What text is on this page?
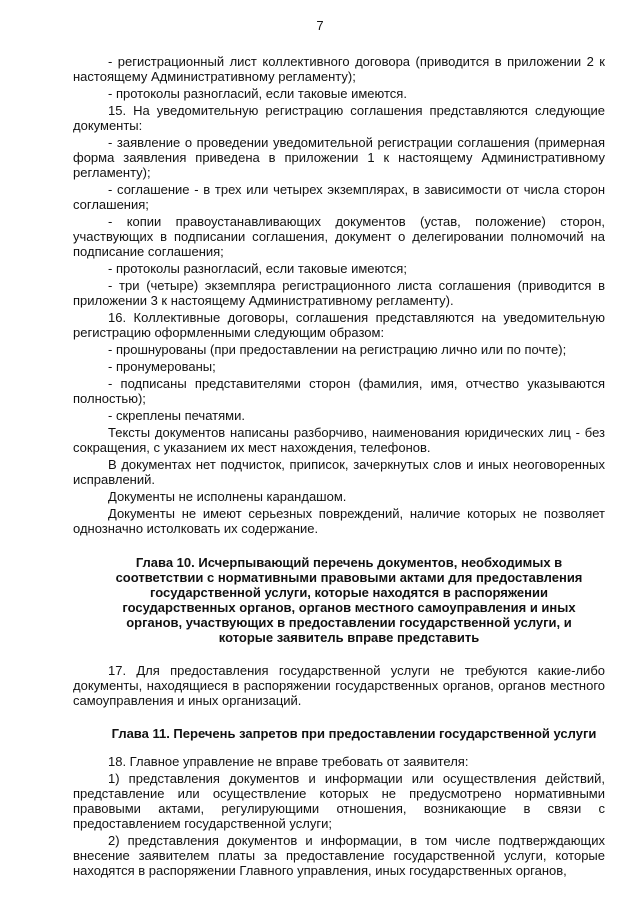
7

- регистрационный лист коллективного договора (приводится в приложении 2 к настоящему Административному регламенту);

- протоколы разногласий, если таковые имеются.

15. На уведомительную регистрацию соглашения представляются следующие документы:

- заявление о проведении уведомительной регистрации соглашения (примерная форма заявления приведена в приложении 1 к настоящему Административному регламенту);

- соглашение - в трех или четырех экземплярах, в зависимости от числа сторон соглашения;

- копии правоустанавливающих документов (устав, положение) сторон, участвующих в подписании соглашения, документ о делегировании полномочий на подписание соглашения;

- протоколы разногласий, если таковые имеются;

- три (четыре) экземпляра регистрационного листа соглашения (приводится в приложении 3 к настоящему Административному регламенту).

16. Коллективные договоры, соглашения представляются на уведомительную регистрацию оформленными следующим образом:

- прошнурованы (при предоставлении на регистрацию лично или по почте);

- пронумерованы;

- подписаны представителями сторон (фамилия, имя, отчество указываются полностью);

- скреплены печатями.

Тексты документов написаны разборчиво, наименования юридических лиц - без сокращения, с указанием их мест нахождения, телефонов.

В документах нет подчисток, приписок, зачеркнутых слов и иных неоговоренных исправлений.

Документы не исполнены карандашом.

Документы не имеют серьезных повреждений, наличие которых не позволяет однозначно истолковать их содержание.

Глава 10. Исчерпывающий перечень документов, необходимых в соответствии с нормативными правовыми актами для предоставления государственной услуги, которые находятся в распоряжении государственных органов, органов местного самоуправления и иных органов, участвующих в предоставлении государственной услуги, и которые заявитель вправе представить

17. Для предоставления государственной услуги не требуются какие-либо документы, находящиеся в распоряжении государственных органов, органов местного самоуправления и иных организаций.

Глава 11. Перечень запретов при предоставлении государственной услуги

18. Главное управление не вправе требовать от заявителя:

1) представления документов и информации или осуществления действий, представление или осуществление которых не предусмотрено нормативными правовыми актами, регулирующими отношения, возникающие в связи с предоставлением государственной услуги;

2) представления документов и информации, в том числе подтверждающих внесение заявителем платы за предоставление государственной услуги, которые находятся в распоряжении Главного управления, иных государственных органов,
